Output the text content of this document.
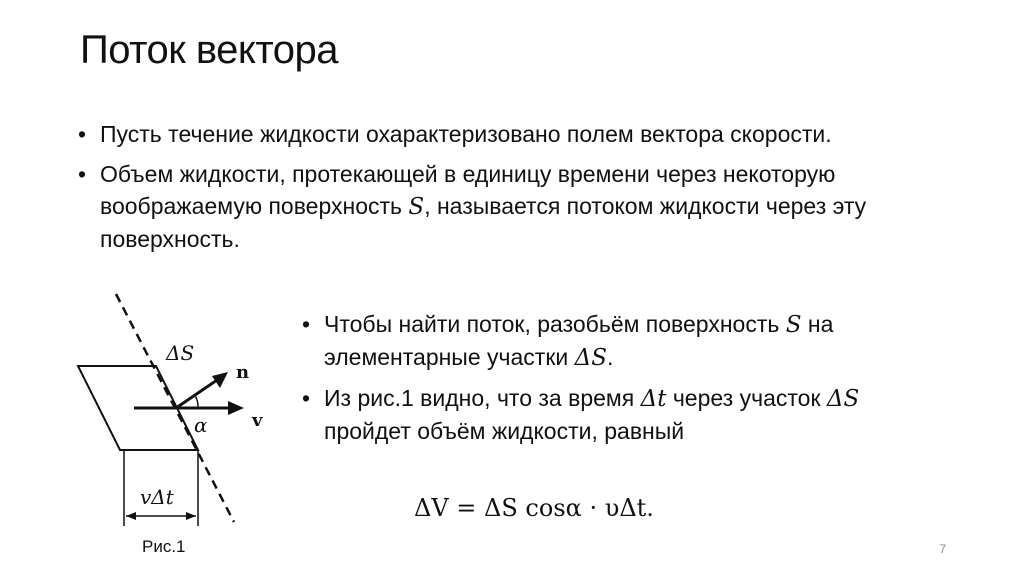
Поток вектора
• Пусть течение жидкости охарактеризовано полем вектора скорости.
• Объем жидкости, протекающей в единицу времени через некоторую воображаемую поверхность S, называется потоком жидкости через эту поверхность.
ΔS
n
v
α
vΔt
Рис.1
• Чтобы найти поток, разобьём поверхность S на элементарные участки ΔS.
• Из рис.1 видно, что за время Δt через участок ΔS пройдет объём жидкости, равный
ΔV = ΔS cosα · υΔt.
7
